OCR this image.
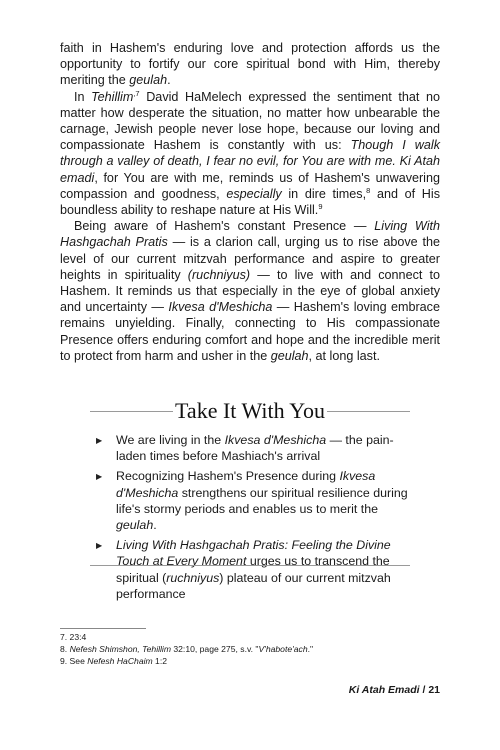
faith in Hashem's enduring love and protection affords us the opportunity to fortify our core spiritual bond with Him, thereby meriting the geulah.

In Tehillim$^{,7}$ David HaMelech expressed the sentiment that no matter how desperate the situation, no matter how unbearable the carnage, Jewish people never lose hope, because our loving and compassionate Hashem is constantly with us: Though I walk through a valley of death, I fear no evil, for You are with me. Ki Atah emadi, for You are with me, reminds us of Hashem's unwavering compassion and goodness, especially in dire times,$^8$ and of His boundless ability to reshape nature at His Will.$^9$

Being aware of Hashem's constant Presence — Living With Hashgachah Pratis — is a clarion call, urging us to rise above the level of our current mitzvah performance and aspire to greater heights in spirituality (ruchniyus) — to live with and connect to Hashem. It reminds us that especially in the eye of global anxiety and uncertainty — Ikvesa d'Meshicha — Hashem's loving embrace remains unyielding. Finally, connecting to His compassionate Presence offers enduring comfort and hope and the incredible merit to protect from harm and usher in the geulah, at long last.

Take It With You
▶ We are living in the Ikvesa d'Meshicha — the pain-laden times before Mashiach's arrival
▶ Recognizing Hashem's Presence during Ikvesa d'Meshicha strengthens our spiritual resilience during life's stormy periods and enables us to merit the geulah.
▶ Living With Hashgachah Pratis: Feeling the Divine Touch at Every Moment urges us to transcend the spiritual (ruchniyus) plateau of our current mitzvah performance

7. 23:4

8. Nefesh Shimshon, Tehillim 32:10, page 275, s.v. "V'habote'ach."

9. See Nefesh HaChaim 1:2

Ki Atah Emadi / 21
